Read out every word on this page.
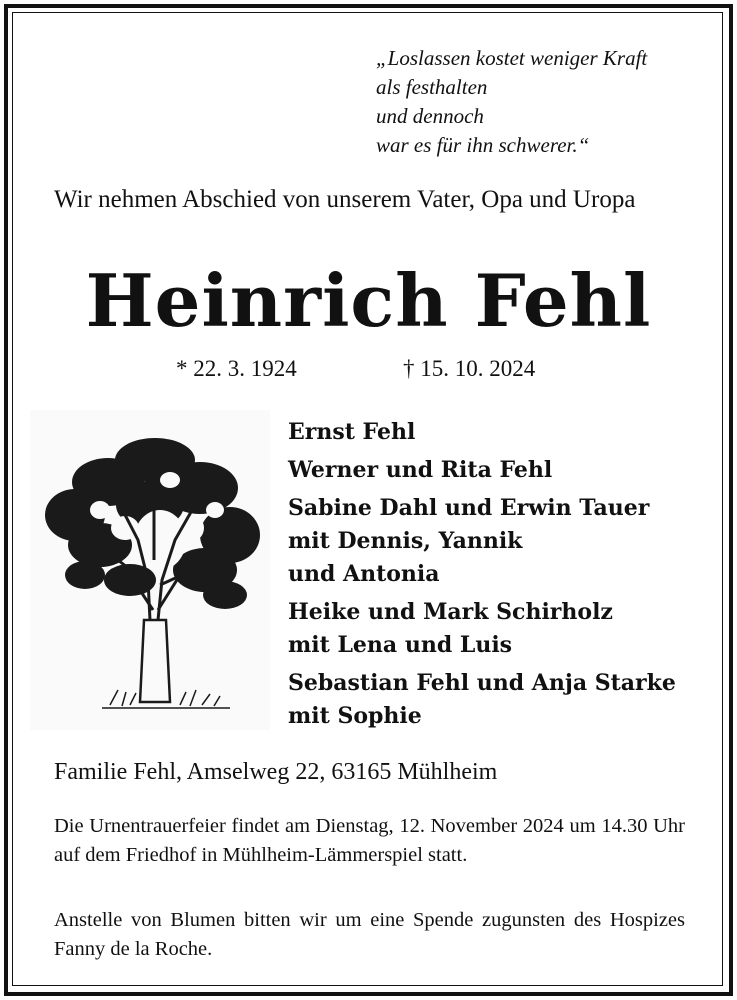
„Loslassen kostet weniger Kraft
als festhalten
und dennoch
war es für ihn schwerer.“
Wir nehmen Abschied von unserem Vater, Opa und Uropa
Heinrich Fehl
* 22. 3. 1924	† 15. 10. 2024
Ernst Fehl
Werner und Rita Fehl
Sabine Dahl und Erwin Tauer
mit Dennis, Yannik
und Antonia
Heike und Mark Schirholz
mit Lena und Luis
Sebastian Fehl und Anja Starke
mit Sophie
Familie Fehl, Amselweg 22, 63165 Mühlheim
Die Urnentrauerfeier findet am Dienstag, 12. November 2024 um 14.30 Uhr auf dem Friedhof in Mühlheim-Lämmerspiel statt.
Anstelle von Blumen bitten wir um eine Spende zugunsten des Hospizes Fanny de la Roche.
